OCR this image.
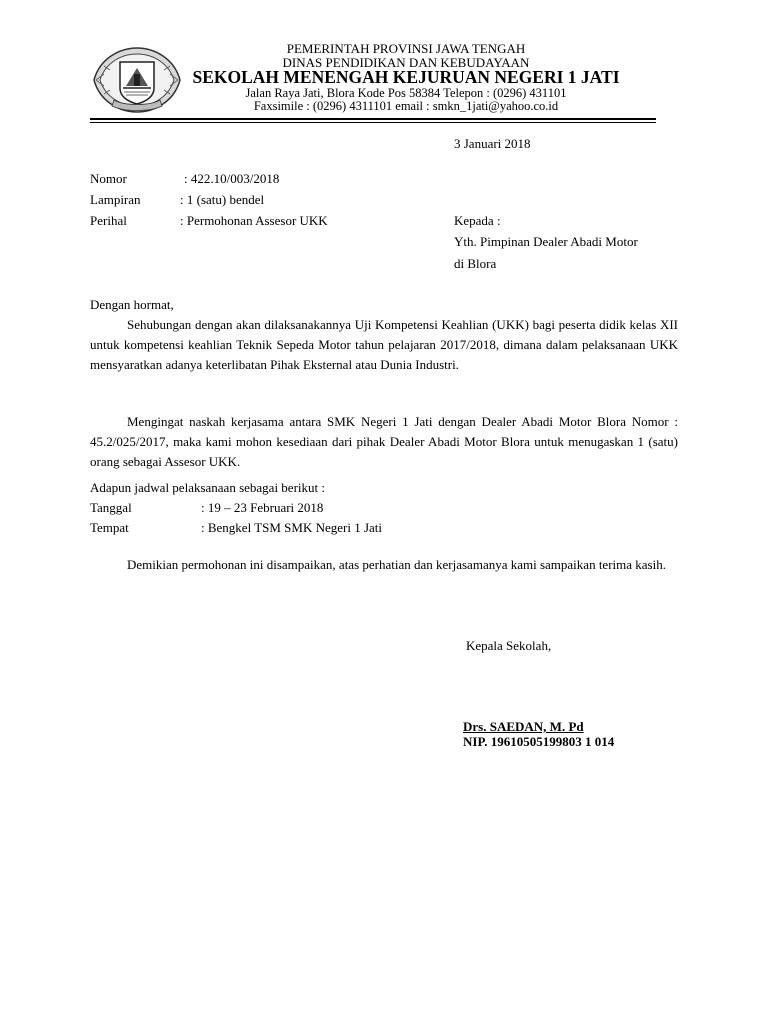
PEMERINTAH PROVINSI JAWA TENGAH
DINAS PENDIDIKAN DAN KEBUDAYAAN
SEKOLAH MENENGAH KEJURUAN NEGERI 1 JATI
Jalan Raya Jati, Blora Kode Pos 58384 Telepon : (0296) 431101
Faxsimile : (0296) 4311101 email : smkn_1jati@yahoo.co.id
3 Januari 2018
Nomor	: 422.10/003/2018
Lampiran	: 1 (satu) bendel
Perihal	: Permohonan Assesor UKK	Kepada :
Yth. Pimpinan Dealer Abadi Motor
di Blora
Dengan hormat,
Sehubungan dengan akan dilaksanakannya Uji Kompetensi Keahlian (UKK) bagi peserta didik kelas XII untuk kompetensi keahlian Teknik Sepeda Motor tahun pelajaran 2017/2018, dimana dalam pelaksanaan UKK mensyaratkan adanya keterlibatan Pihak Eksternal atau Dunia Industri.
Mengingat naskah kerjasama antara SMK Negeri 1 Jati dengan Dealer Abadi Motor Blora Nomor : 45.2/025/2017, maka kami mohon kesediaan dari pihak Dealer Abadi Motor Blora untuk menugaskan 1 (satu) orang sebagai Assesor UKK.
Adapun jadwal pelaksanaan sebagai berikut :
Tanggal	: 19 – 23 Februari 2018
Tempat	: Bengkel TSM SMK Negeri 1 Jati
Demikian permohonan ini disampaikan, atas perhatian dan kerjasamanya kami sampaikan terima kasih.
Kepala Sekolah,
Drs. SAEDAN, M. Pd
NIP. 19610505199803 1 014
